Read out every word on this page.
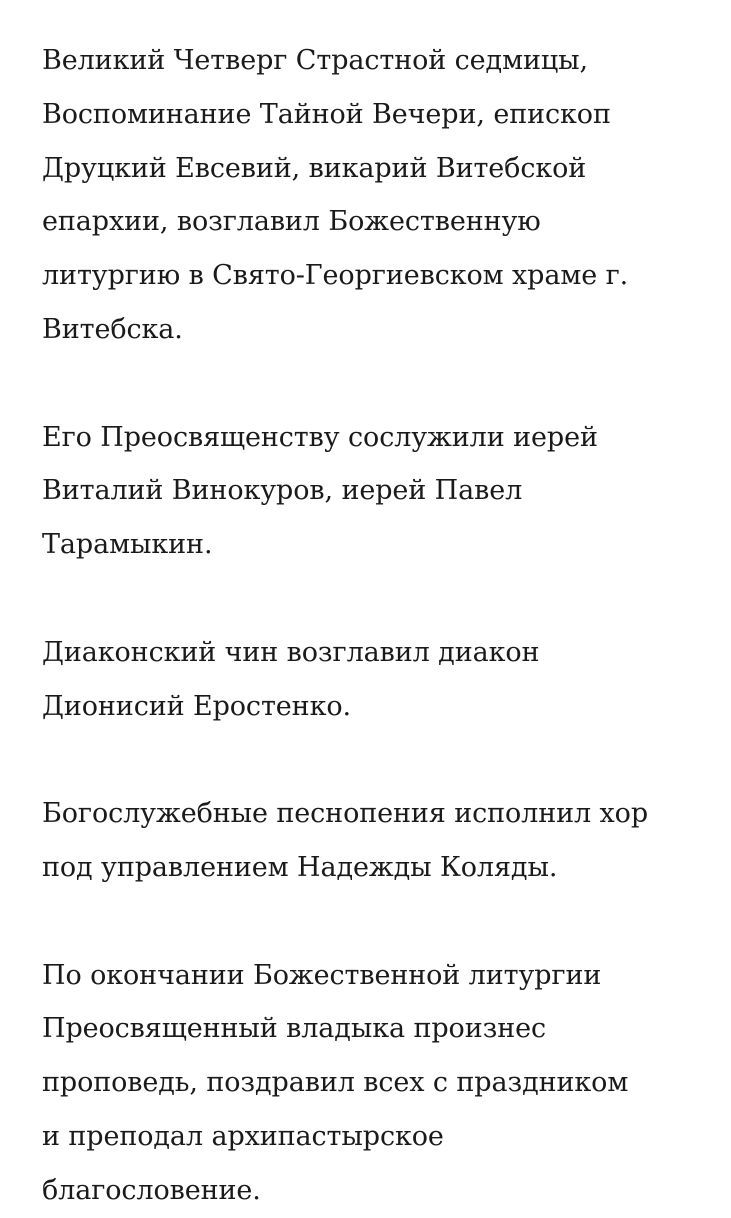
Великий Четверг Страстной седмицы,
Воспоминание Тайной Вечери, епископ
Друцкий Евсевий, викарий Витебской
епархии, возглавил Божественную
литургию в Свято-Георгиевском храме г.
Витебска.

Его Преосвященству сослужили иерей
Виталий Винокуров, иерей Павел
Тарамыкин.

Диаконский чин возглавил диакон
Дионисий Еростенко.

Богослужебные песнопения исполнил хор
под управлением Надежды Коляды.

По окончании Божественной литургии
Преосвященный владыка произнес
проповедь, поздравил всех с праздником
и преподал архипастырское
благословение.
